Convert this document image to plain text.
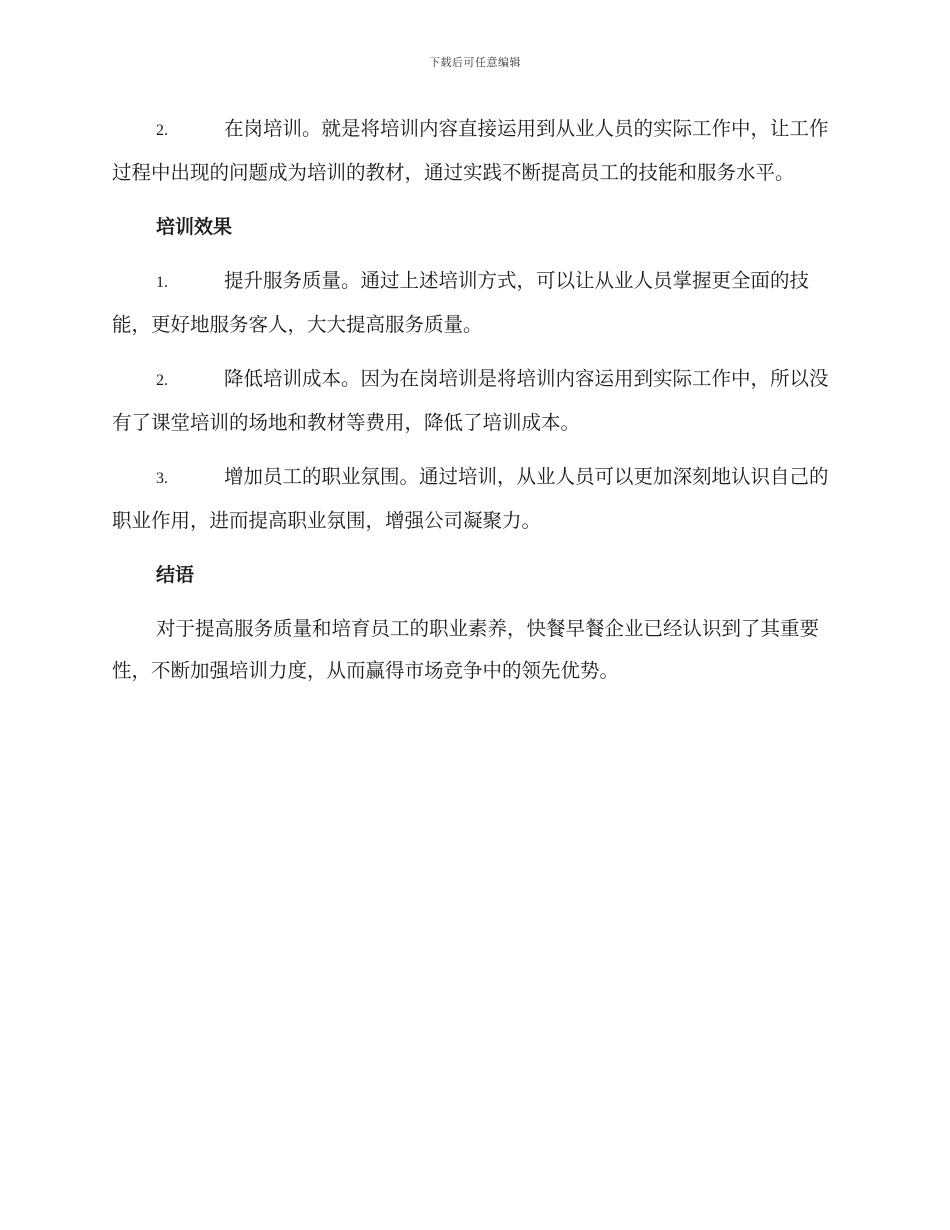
下载后可任意编辑

2.	在岗培训。就是将培训内容直接运用到从业人员的实际工作中，让工作过程中出现的问题成为培训的教材，通过实践不断提高员工的技能和服务水平。

培训效果

1.	提升服务质量。通过上述培训方式，可以让从业人员掌握更全面的技能，更好地服务客人，大大提高服务质量。

2.	降低培训成本。因为在岗培训是将培训内容运用到实际工作中，所以没有了课堂培训的场地和教材等费用，降低了培训成本。

3.	增加员工的职业氛围。通过培训，从业人员可以更加深刻地认识自己的职业作用，进而提高职业氛围，增强公司凝聚力。

结语

对于提高服务质量和培育员工的职业素养，快餐早餐企业已经认识到了其重要性，不断加强培训力度，从而赢得市场竞争中的领先优势。
